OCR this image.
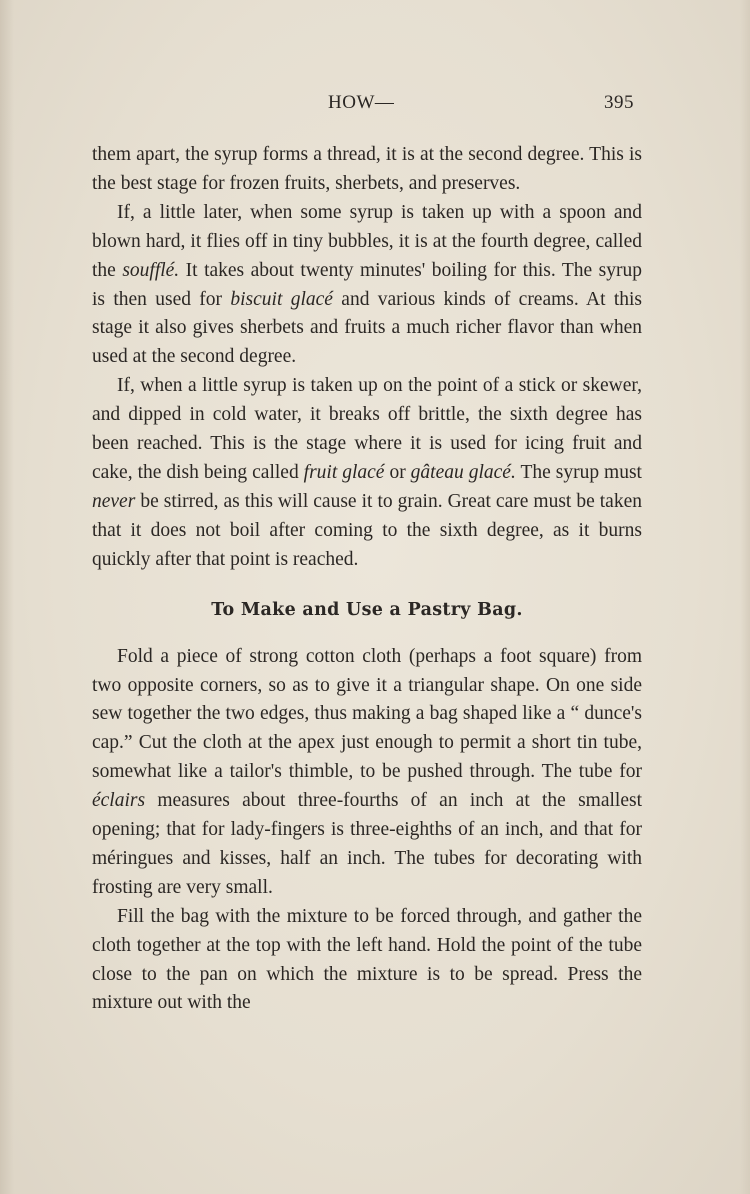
HOW—	395

them apart, the syrup forms a thread, it is at the second degree. This is the best stage for frozen fruits, sherbets, and preserves.

If, a little later, when some syrup is taken up with a spoon and blown hard, it flies off in tiny bubbles, it is at the fourth degree, called the soufflé. It takes about twenty minutes' boiling for this. The syrup is then used for biscuit glacé and various kinds of creams. At this stage it also gives sherbets and fruits a much richer flavor than when used at the second degree.

If, when a little syrup is taken up on the point of a stick or skewer, and dipped in cold water, it breaks off brittle, the sixth degree has been reached. This is the stage where it is used for icing fruit and cake, the dish being called fruit glacé or gâteau glacé. The syrup must never be stirred, as this will cause it to grain. Great care must be taken that it does not boil after coming to the sixth degree, as it burns quickly after that point is reached.

To Make and Use a Pastry Bag.

Fold a piece of strong cotton cloth (perhaps a foot square) from two opposite corners, so as to give it a triangular shape. On one side sew together the two edges, thus making a bag shaped like a “ dunce's cap.” Cut the cloth at the apex just enough to permit a short tin tube, somewhat like a tailor's thimble, to be pushed through. The tube for éclairs measures about three-fourths of an inch at the smallest opening; that for lady-fingers is three-eighths of an inch, and that for méringues and kisses, half an inch. The tubes for decorating with frosting are very small.

Fill the bag with the mixture to be forced through, and gather the cloth together at the top with the left hand. Hold the point of the tube close to the pan on which the mixture is to be spread. Press the mixture out with the
